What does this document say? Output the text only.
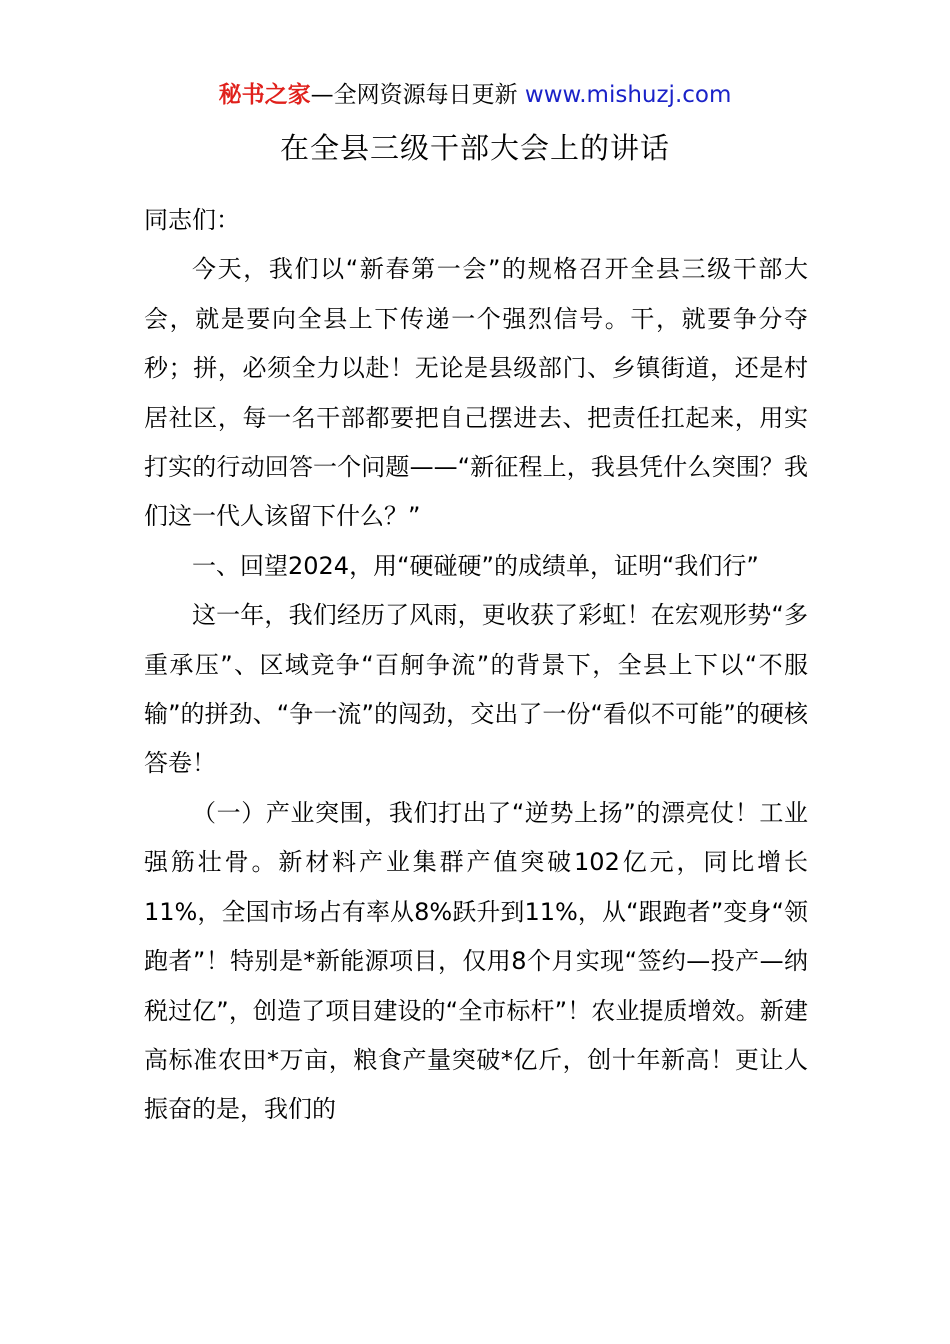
秘书之家—全网资源每日更新 www.mishuzj.com
在全县三级干部大会上的讲话

同志们：

今天，我们以“新春第一会”的规格召开全县三级干部大会，就是要向全县上下传递一个强烈信号。干，就要争分夺秒；拼，必须全力以赴！无论是县级部门、乡镇街道，还是村居社区，每一名干部都要把自己摆进去、把责任扛起来，用实打实的行动回答一个问题——“新征程上，我县凭什么突围？我们这一代人该留下什么？”

一、回望2024，用“硬碰硬”的成绩单，证明“我们行”

这一年，我们经历了风雨，更收获了彩虹！在宏观形势“多重承压”、区域竞争“百舸争流”的背景下，全县上下以“不服输”的拼劲、“争一流”的闯劲，交出了一份“看似不可能”的硬核答卷！

（一）产业突围，我们打出了“逆势上扬”的漂亮仗！工业强筋壮骨。新材料产业集群产值突破102亿元，同比增长11%，全国市场占有率从8%跃升到11%，从“跟跑者”变身“领跑者”！特别是*新能源项目，仅用8个月实现“签约—投产—纳税过亿”，创造了项目建设的“全市标杆”！农业提质增效。新建高标准农田*万亩，粮食产量突破*亿斤，创十年新高！更让人振奋的是，我们的
